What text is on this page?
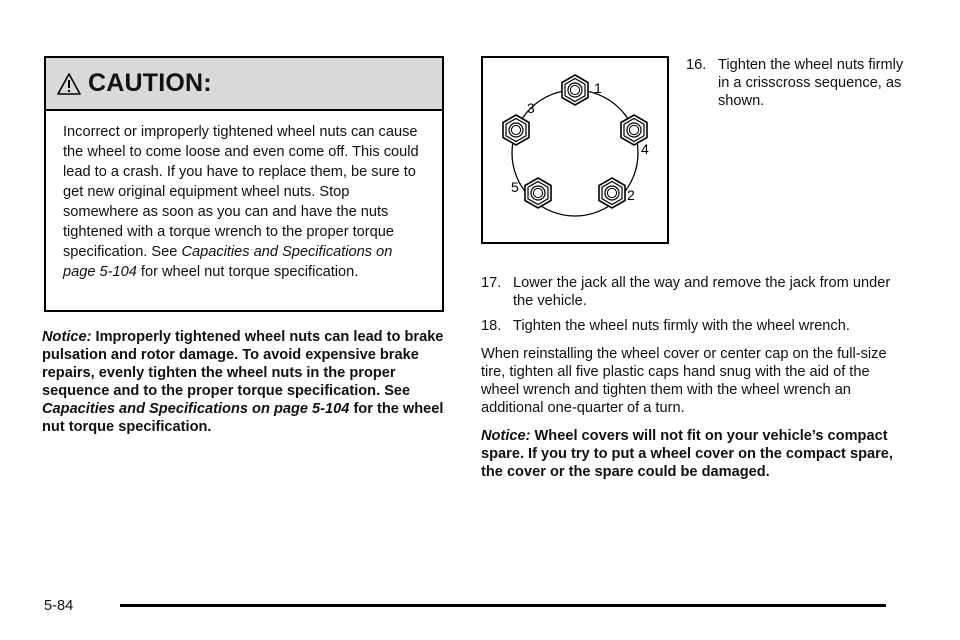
CAUTION:
Incorrect or improperly tightened wheel nuts can cause the wheel to come loose and even come off. This could lead to a crash. If you have to replace them, be sure to get new original equipment wheel nuts. Stop somewhere as soon as you can and have the nuts tightened with a torque wrench to the proper torque specification. See Capacities and Specifications on page 5-104 for wheel nut torque specification.
Notice: Improperly tightened wheel nuts can lead to brake pulsation and rotor damage. To avoid expensive brake repairs, evenly tighten the wheel nuts in the proper sequence and to the proper torque specification. See Capacities and Specifications on page 5-104 for the wheel nut torque specification.
1
2
3
4
5
16. Tighten the wheel nuts firmly in a crisscross sequence, as shown.
17. Lower the jack all the way and remove the jack from under the vehicle.
18. Tighten the wheel nuts firmly with the wheel wrench.

When reinstalling the wheel cover or center cap on the full-size tire, tighten all five plastic caps hand snug with the aid of the wheel wrench and tighten them with the wheel wrench an additional one-quarter of a turn.

Notice: Wheel covers will not fit on your vehicle’s compact spare. If you try to put a wheel cover on the compact spare, the cover or the spare could be damaged.

5-84
